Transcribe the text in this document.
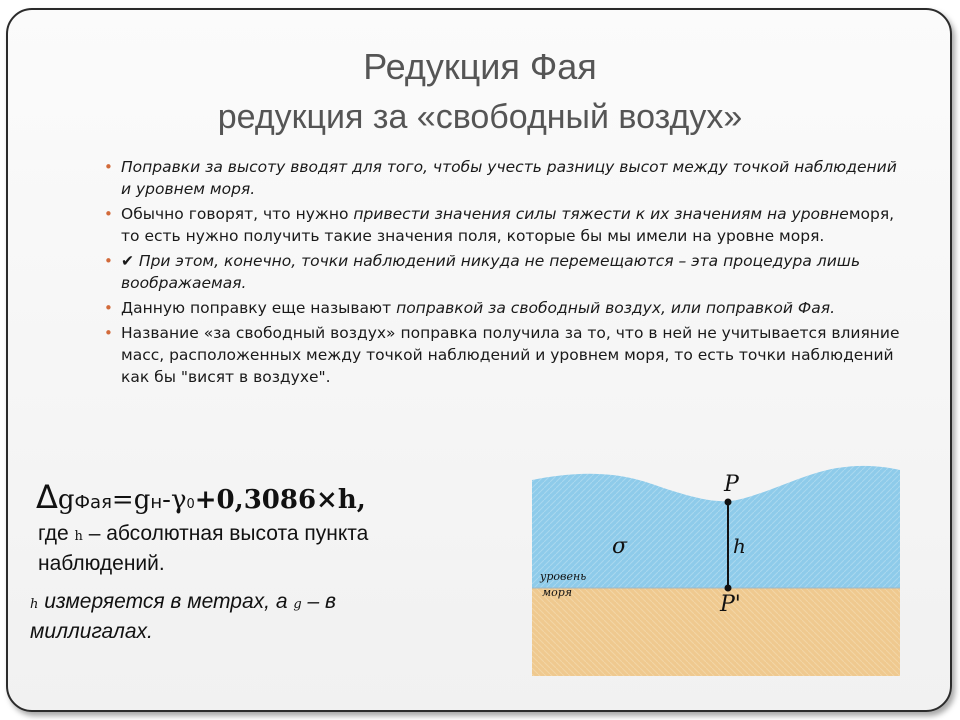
Редукция Фая
редукция за «свободный воздух»
• Поправки за высоту вводят для того, чтобы учесть разницу высот между точкой наблюдений и уровнем моря.
• Обычно говорят, что нужно привести значения силы тяжести к их значениям на уровнеморя, то есть нужно получить такие значения поля, которые бы мы имели на уровне моря.
• ✔ При этом, конечно, точки наблюдений никуда не перемещаются – эта процедура лишь воображаемая.
• Данную поправку еще называют поправкой за свободный воздух, или поправкой Фая.
• Название «за свободный воздух» поправка получила за то, что в ней не учитывается влияние масс, расположенных между точкой наблюдений и уровнем моря, то есть точки наблюдений как бы "висят в воздухе".
ΔgФая=gн-γ0+0,3086×h,
где h – абсолютная высота пункта
наблюдений.
h измеряется в метрах, а g – в
миллигалах.
P
h
σ
P'
уровень
моря
